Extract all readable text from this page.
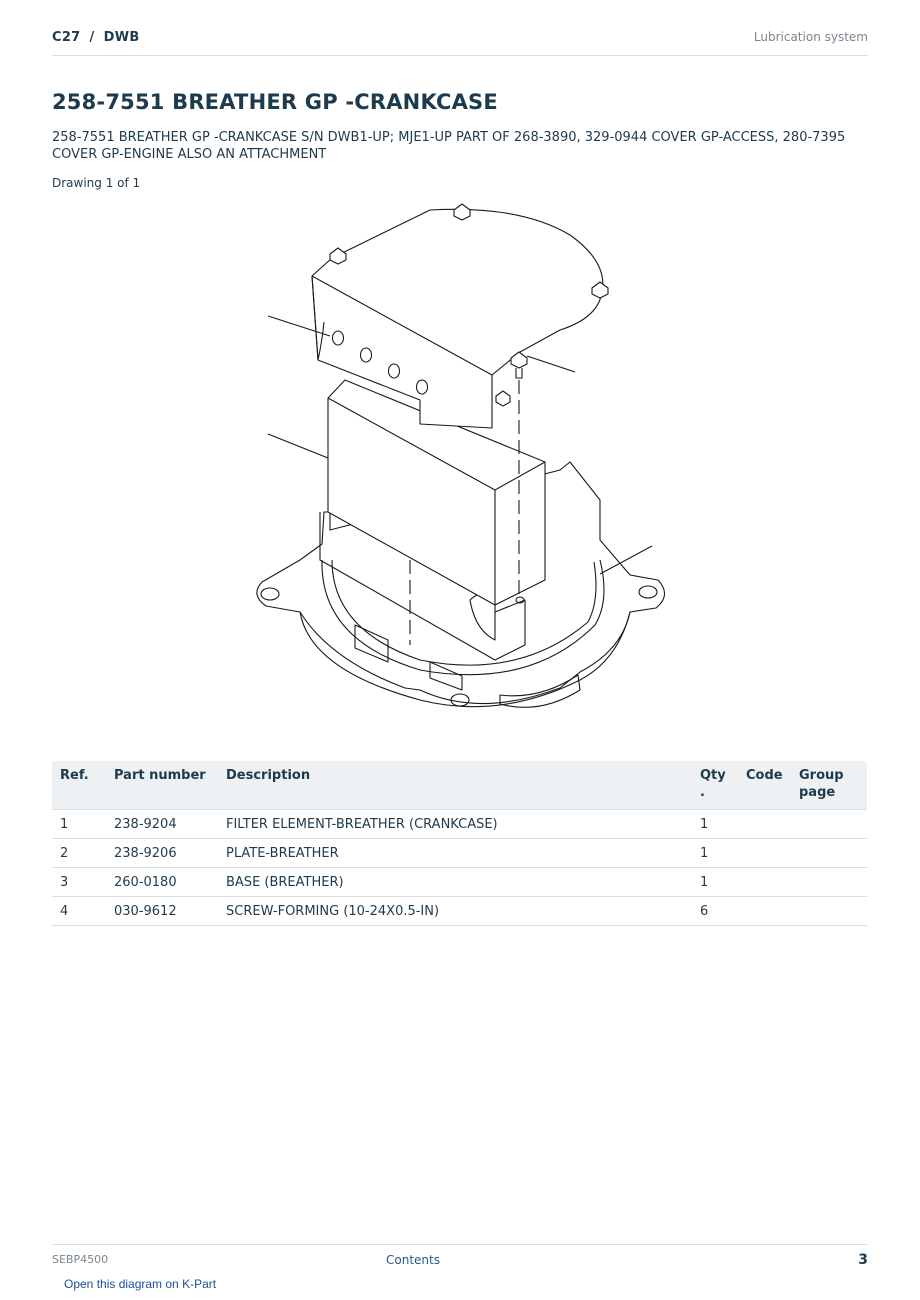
C27 / DWB	Lubrication system
258-7551 BREATHER GP -CRANKCASE

258-7551 BREATHER GP -CRANKCASE S/N DWB1-UP; MJE1-UP PART OF 268-3890, 329-0944 COVER GP-ACCESS, 280-7395 COVER GP-ENGINE ALSO AN ATTACHMENT

Drawing 1 of 1
Ref.	Part number	Description	Qty .	Code	Group page
1	238-9204	FILTER ELEMENT-BREATHER (CRANKCASE)	1		
2	238-9206	PLATE-BREATHER	1		
3	260-0180	BASE (BREATHER)	1		
4	030-9612	SCREW-FORMING (10-24X0.5-IN)	6		
SEBP4500	Contents	3
Open this diagram on K-Part
